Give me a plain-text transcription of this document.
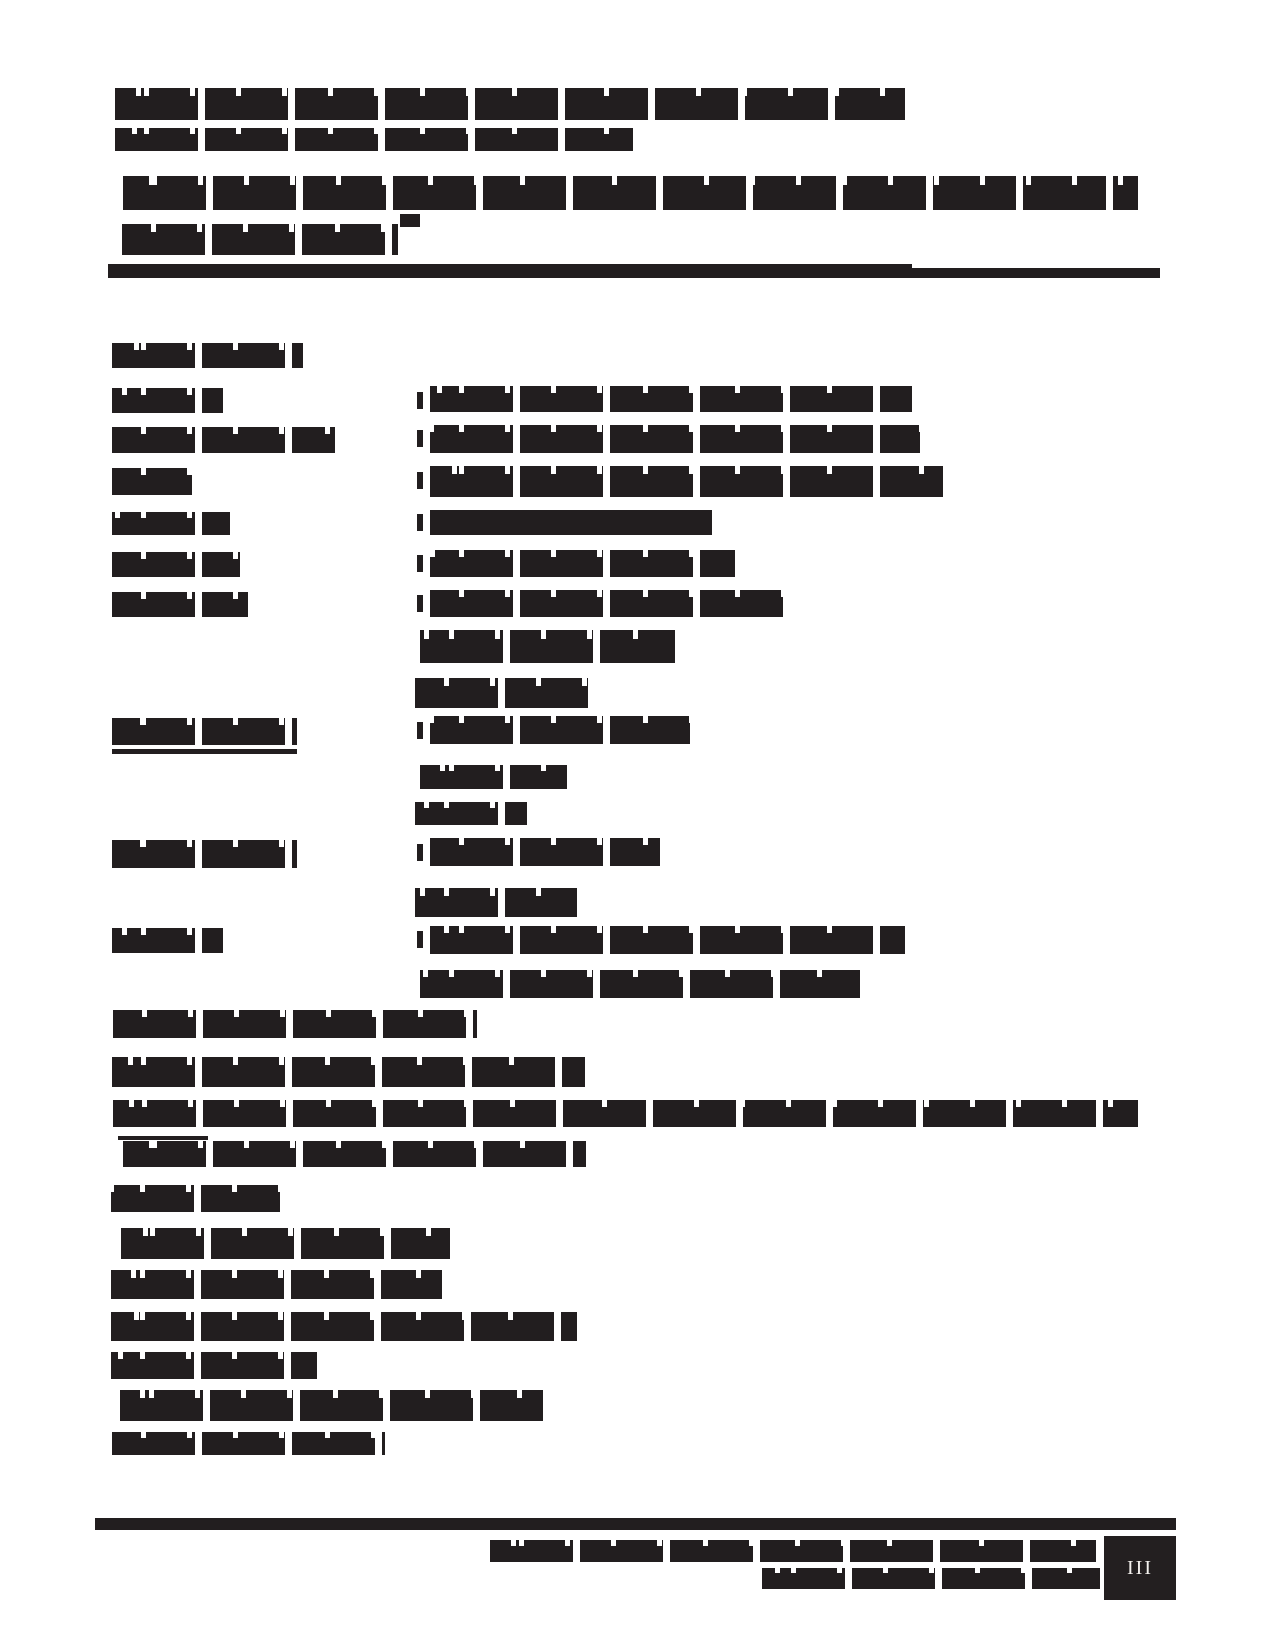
III
